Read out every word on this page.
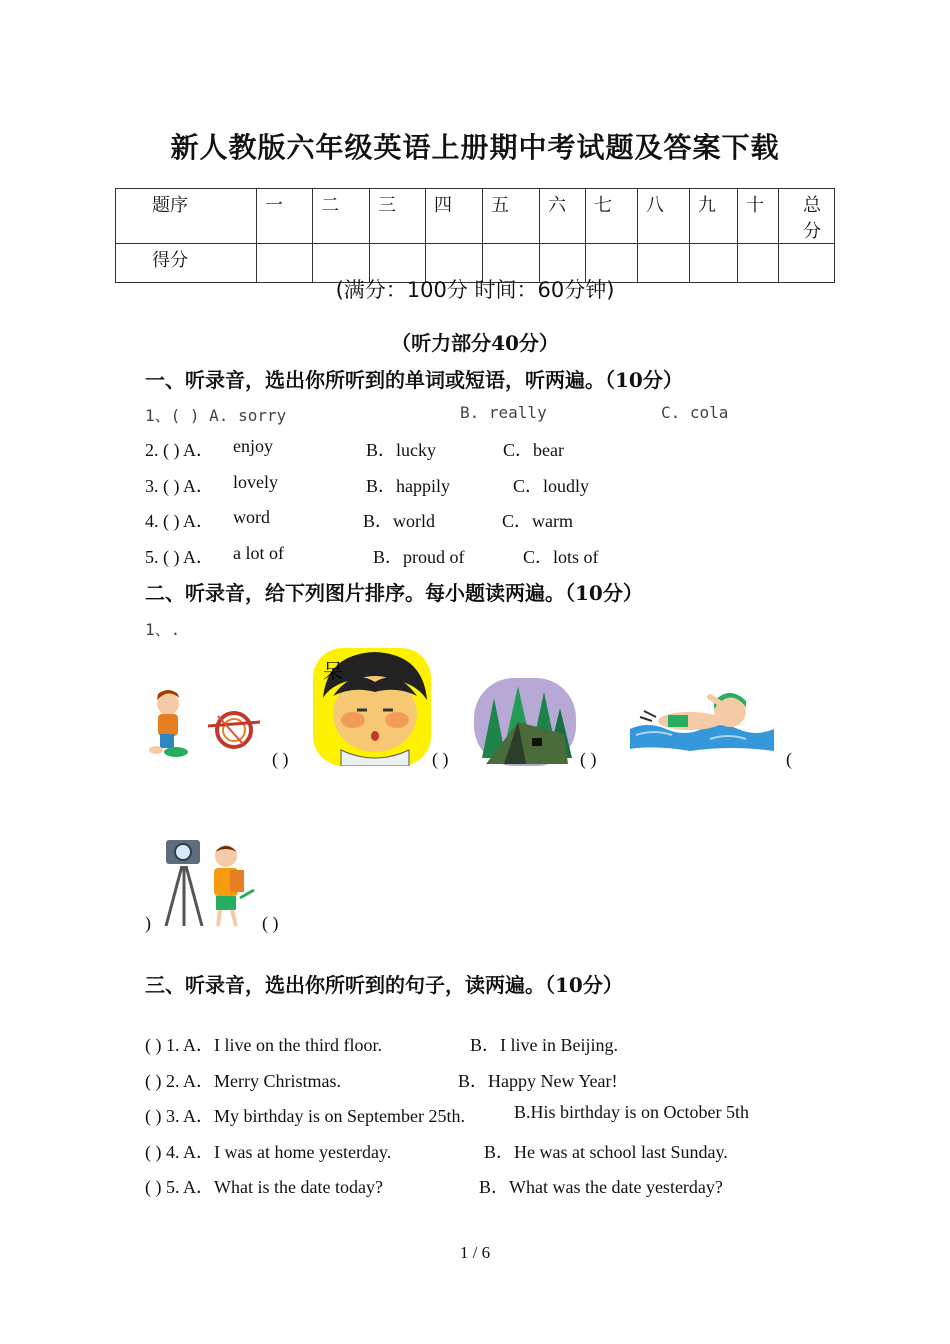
新人教版六年级英语上册期中考试题及答案下载
题序	一	二	三	四	五	六	七	八	九	十	总分
得分											
(满分：100分 时间：60分钟)
（听力部分40分）
一、听录音，选出你所听到的单词或短语，听两遍。（10分）
1、( ) A. sorry	B. really	C. cola
2. ( ) A． enjoy	B．lucky	C．bear
3. ( ) A． lovely	B．happily	C．loudly
4. ( ) A． word	B．world	C．warm
5. ( ) A． a lot of	B．proud of	C．lots of
二、听录音，给下列图片排序。每小题读两遍。（10分）
1、.
呆
( )	( )	( )	(
)	( )
三、听录音，选出你所听到的句子，读两遍。（10分）
( ) 1. A．I live on the third floor.	B．I live in Beijing.
( ) 2. A．Merry Christmas.	B．Happy New Year!
( ) 3. A．My birthday is on September 25th.	B.His birthday is on October 5th
( ) 4. A．I was at home yesterday.	B．He was at school last Sunday.
( ) 5. A．What is the date today?	B．What was the date yesterday?
1 / 6
